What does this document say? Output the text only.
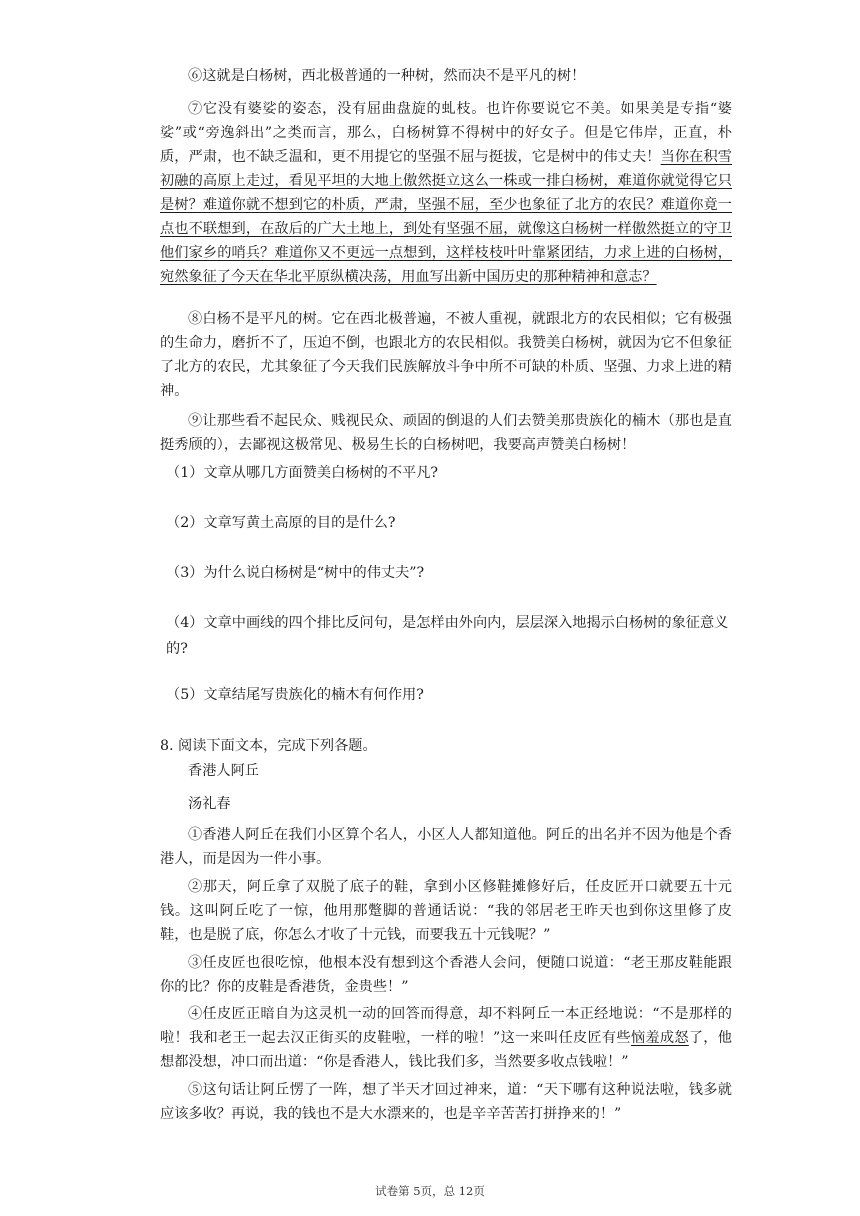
⑥这就是白杨树，西北极普通的一种树，然而决不是平凡的树！

⑦它没有婆娑的姿态，没有屈曲盘旋的虬枝。也许你要说它不美。如果美是专指“婆娑”或“旁逸斜出”之类而言，那么，白杨树算不得树中的好女子。但是它伟岸，正直，朴质，严肃，也不缺乏温和，更不用提它的坚强不屈与挺拔，它是树中的伟丈夫！当你在积雪初融的高原上走过，看见平坦的大地上傲然挺立这么一株或一排白杨树，难道你就觉得它只是树？难道你就不想到它的朴质，严肃，坚强不屈，至少也象征了北方的农民？难道你竟一点也不联想到，在敌后的广大土地上，到处有坚强不屈，就像这白杨树一样傲然挺立的守卫他们家乡的哨兵？难道你又不更远一点想到，这样枝枝叶叶靠紧团结，力求上进的白杨树，宛然象征了今天在华北平原纵横决荡，用血写出新中国历史的那种精神和意志？

⑧白杨不是平凡的树。它在西北极普遍，不被人重视，就跟北方的农民相似；它有极强的生命力，磨折不了，压迫不倒，也跟北方的农民相似。我赞美白杨树，就因为它不但象征了北方的农民，尤其象征了今天我们民族解放斗争中所不可缺的朴质、坚强、力求上进的精神。

⑨让那些看不起民众、贱视民众、顽固的倒退的人们去赞美那贵族化的楠木（那也是直挺秀颀的），去鄙视这极常见、极易生长的白杨树吧，我要高声赞美白杨树！

（1）文章从哪几方面赞美白杨树的不平凡?

（2）文章写黄土高原的目的是什么?

（3）为什么说白杨树是“树中的伟丈夫”?

（4）文章中画线的四个排比反问句，是怎样由外向内，层层深入地揭示白杨树的象征意义的?

（5）文章结尾写贵族化的楠木有何作用?

8. 阅读下面文本，完成下列各题。

香港人阿丘

汤礼春

①香港人阿丘在我们小区算个名人，小区人人都知道他。阿丘的出名并不因为他是个香港人，而是因为一件小事。

②那天，阿丘拿了双脱了底子的鞋，拿到小区修鞋摊修好后，任皮匠开口就要五十元钱。这叫阿丘吃了一惊，他用那蹩脚的普通话说：“我的邻居老王昨天也到你这里修了皮鞋，也是脱了底，你怎么才收了十元钱，而要我五十元钱呢？”

③任皮匠也很吃惊，他根本没有想到这个香港人会问，便随口说道：“老王那皮鞋能跟你的比？你的皮鞋是香港货，金贵些！”

④任皮匠正暗自为这灵机一动的回答而得意，却不料阿丘一本正经地说：“不是那样的啦！我和老王一起去汉正街买的皮鞋啦，一样的啦！”这一来叫任皮匠有些恼羞成怒了，他想都没想，冲口而出道：“你是香港人，钱比我们多，当然要多收点钱啦！”

⑤这句话让阿丘愣了一阵，想了半天才回过神来，道：“天下哪有这种说法啦，钱多就应该多收？再说，我的钱也不是大水漂来的，也是辛辛苦苦打拼挣来的！”

试卷第 5页，总 12页
